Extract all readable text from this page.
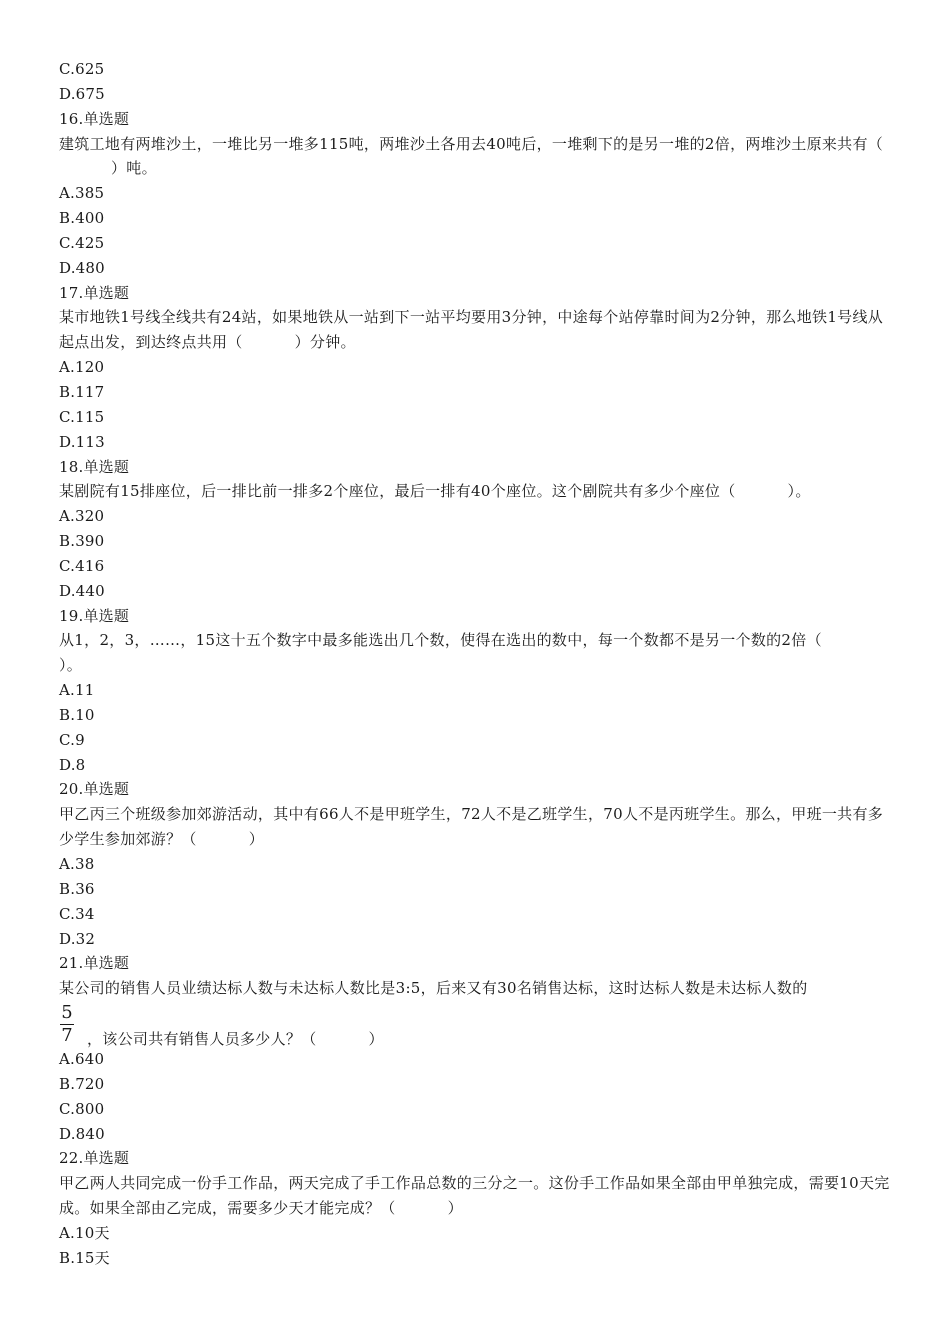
C.625
D.675
16.单选题
建筑工地有两堆沙土，一堆比另一堆多115吨，两堆沙土各用去40吨后，一堆剩下的是另一堆的2倍，两堆沙土原来共有（）吨。
A.385
B.400
C.425
D.480
17.单选题
某市地铁1号线全线共有24站，如果地铁从一站到下一站平均要用3分钟，中途每个站停靠时间为2分钟，那么地铁1号线从起点出发，到达终点共用（	）分钟。
A.120
B.117
C.115
D.113
18.单选题
某剧院有15排座位，后一排比前一排多2个座位，最后一排有40个座位。这个剧院共有多少个座位（	）。
A.320
B.390
C.416
D.440
19.单选题
从1，2，3，……，15这十五个数字中最多能选出几个数，使得在选出的数中，每一个数都不是另一个数的2倍（）。
A.11
B.10
C.9
D.8
20.单选题
甲乙丙三个班级参加郊游活动，其中有66人不是甲班学生，72人不是乙班学生，70人不是丙班学生。那么，甲班一共有多少学生参加郊游？（	）
A.38
B.36
C.34
D.32
21.单选题
某公司的销售人员业绩达标人数与未达标人数比是3:5，后来又有30名销售达标，这时达标人数是未达标人数的
5
7 ，该公司共有销售人员多少人？（	）
A.640
B.720
C.800
D.840
22.单选题
甲乙两人共同完成一份手工作品，两天完成了手工作品总数的三分之一。这份手工作品如果全部由甲单独完成，需要10天完成。如果全部由乙完成，需要多少天才能完成？（	）
A.10天
B.15天
